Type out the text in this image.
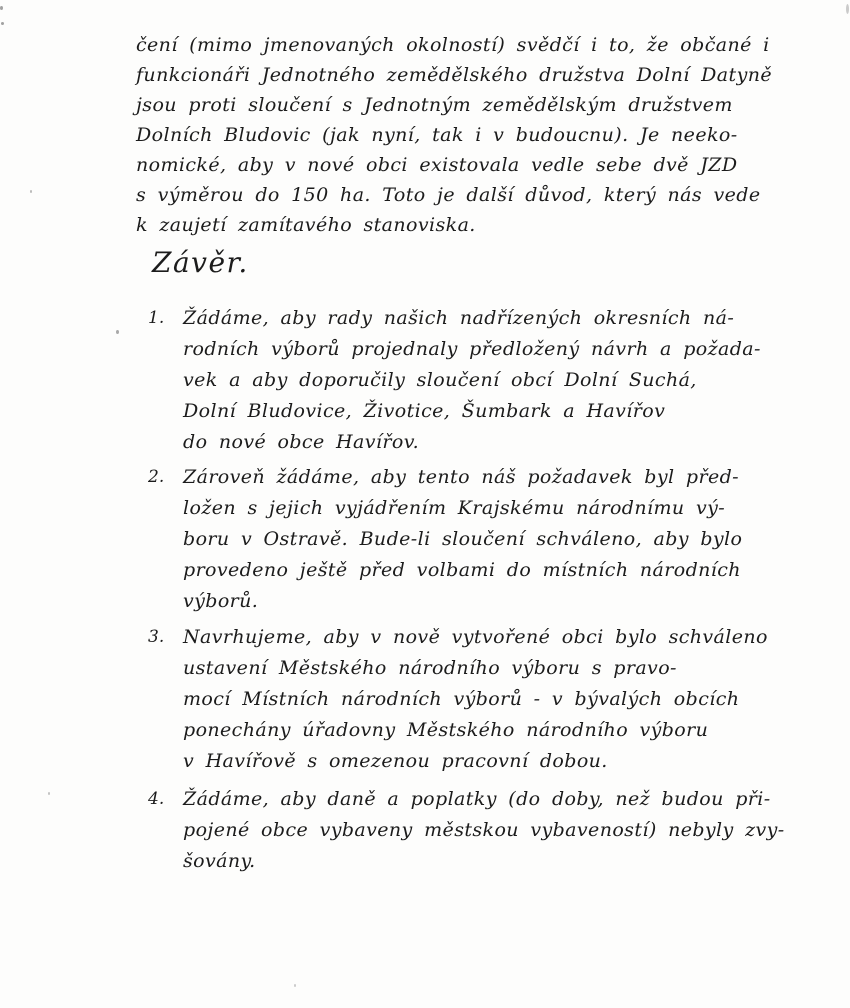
čení (mimo jmenovaných okolností) svědčí i to, že občané i
funkcionáři Jednotného zemědělského družstva Dolní Datyně
jsou proti sloučení s Jednotným zemědělským družstvem
Dolních Bludovic (jak nyní, tak i v budoucnu). Je neeko-
nomické, aby v nové obci existovala vedle sebe dvě JZD
s výměrou do 150 ha. Toto je další důvod, který nás vede
k zaujetí zamítavého stanoviska.
Závěr.
1. Žádáme, aby rady našich nadřízených okresních ná-
rodních výborů projednaly předložený návrh a požada-
vek a aby doporučily sloučení obcí Dolní Suchá,
Dolní Bludovice, Životice, Šumbark a Havířov
do nové obce Havířov.
2. Zároveň žádáme, aby tento náš požadavek byl před-
ložen s jejich vyjádřením Krajskému národnímu vý-
boru v Ostravě. Bude-li sloučení schváleno, aby bylo
provedeno ještě před volbami do místních národních
výborů.
3. Navrhujeme, aby v nově vytvořené obci bylo schváleno
ustavení Městského národního výboru s pravo-
mocí Místních národních výborů - v bývalých obcích
ponechány úřadovny Městského národního výboru
v Havířově s omezenou pracovní dobou.
4. Žádáme, aby daně a poplatky (do doby, než budou při-
pojené obce vybaveny městskou vybaveností) nebyly zvy-
šovány.
